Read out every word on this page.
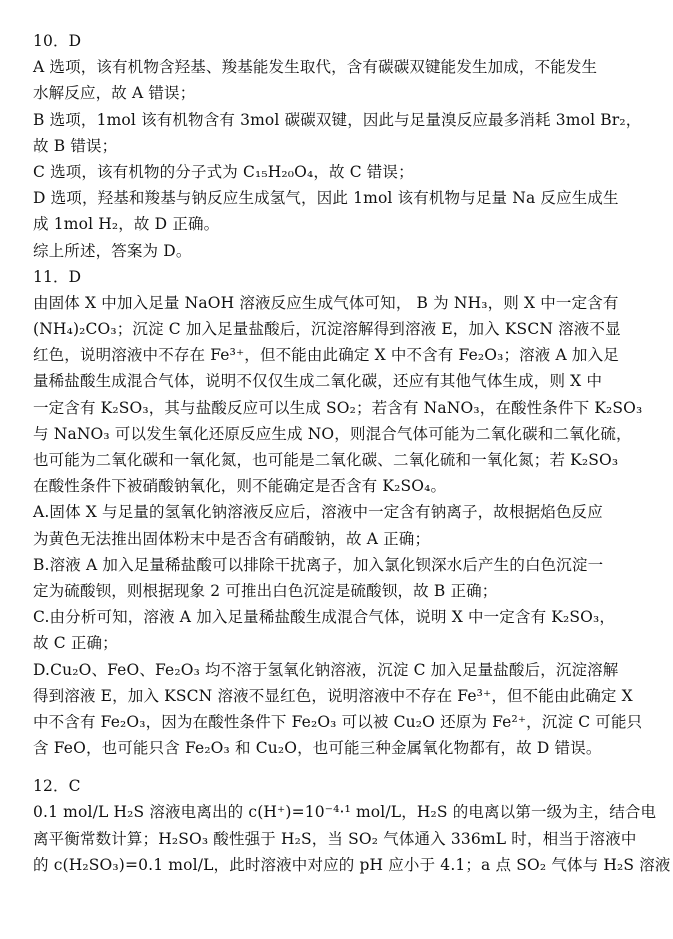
10．D
A 选项，该有机物含羟基、羧基能发生取代，含有碳碳双键能发生加成，不能发生
水解反应，故 A 错误；
B 选项，1mol 该有机物含有 3mol 碳碳双键，因此与足量溴反应最多消耗 3mol Br₂，
故 B 错误；
C 选项，该有机物的分子式为 C₁₅H₂₀O₄，故 C 错误；
D 选项，羟基和羧基与钠反应生成氢气，因此 1mol 该有机物与足量 Na 反应生成生
成 1mol H₂，故 D 正确。
综上所述，答案为 D。
11．D
由固体 X 中加入足量 NaOH 溶液反应生成气体可知， B 为 NH₃，则 X 中一定含有
(NH₄)₂CO₃；沉淀 C 加入足量盐酸后，沉淀溶解得到溶液 E，加入 KSCN 溶液不显
红色，说明溶液中不存在 Fe³⁺，但不能由此确定 X 中不含有 Fe₂O₃；溶液 A 加入足
量稀盐酸生成混合气体，说明不仅仅生成二氧化碳，还应有其他气体生成，则 X 中
一定含有 K₂SO₃，其与盐酸反应可以生成 SO₂；若含有 NaNO₃，在酸性条件下 K₂SO₃
与 NaNO₃ 可以发生氧化还原反应生成 NO，则混合气体可能为二氧化碳和二氧化硫，
也可能为二氧化碳和一氧化氮，也可能是二氧化碳、二氧化硫和一氧化氮；若 K₂SO₃
在酸性条件下被硝酸钠氧化，则不能确定是否含有 K₂SO₄。
A.固体 X 与足量的氢氧化钠溶液反应后，溶液中一定含有钠离子，故根据焰色反应
为黄色无法推出固体粉末中是否含有硝酸钠，故 A 正确；
B.溶液 A 加入足量稀盐酸可以排除干扰离子，加入氯化钡深水后产生的白色沉淀一
定为硫酸钡，则根据现象 2 可推出白色沉淀是硫酸钡，故 B 正确；
C.由分析可知，溶液 A 加入足量稀盐酸生成混合气体，说明 X 中一定含有 K₂SO₃，
故 C 正确；
D.Cu₂O、FeO、Fe₂O₃ 均不溶于氢氧化钠溶液，沉淀 C 加入足量盐酸后，沉淀溶解
得到溶液 E，加入 KSCN 溶液不显红色，说明溶液中不存在 Fe³⁺，但不能由此确定 X
中不含有 Fe₂O₃，因为在酸性条件下 Fe₂O₃ 可以被 Cu₂O 还原为 Fe²⁺，沉淀 C 可能只
含 FeO，也可能只含 Fe₂O₃ 和 Cu₂O，也可能三种金属氧化物都有，故 D 错误。
12．C
0.1 mol/L H₂S 溶液电离出的 c(H⁺)=10⁻⁴·¹ mol/L，H₂S 的电离以第一级为主，结合电
离平衡常数计算；H₂SO₃ 酸性强于 H₂S，当 SO₂ 气体通入 336mL 时，相当于溶液中
的 c(H₂SO₃)=0.1 mol/L，此时溶液中对应的 pH 应小于 4.1；a 点 SO₂ 气体与 H₂S 溶液
